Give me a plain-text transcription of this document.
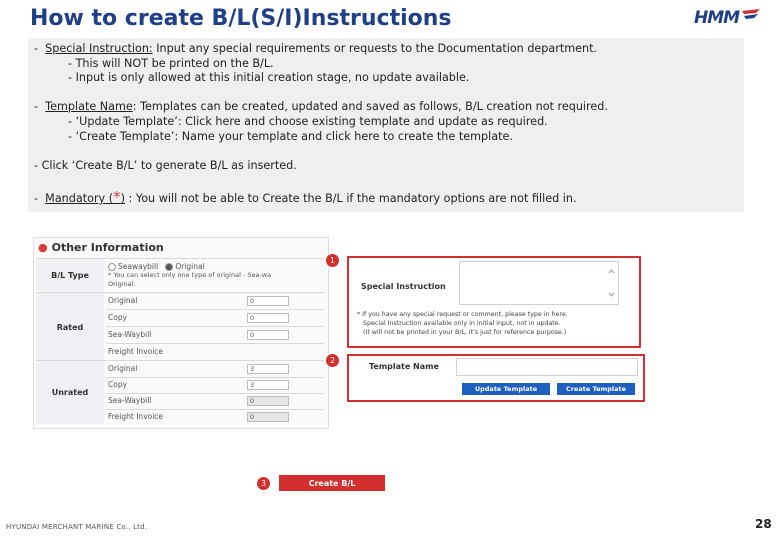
How to create B/L(S/I)Instructions	HMM
- Special Instruction: Input any special requirements or requests to the Documentation department.
- This will NOT be printed on the B/L.
- Input is only allowed at this initial creation stage, no update available.
- Template Name: Templates can be created, updated and saved as follows, B/L creation not required.
- ‘Update Template’: Click here and choose existing template and update as required.
- ‘Create Template’: Name your template and click here to create the template.
- Click ‘Create B/L’ to generate B/L as inserted.
- Mandatory (*) : You will not be able to Create the B/L if the mandatory options are not filled in.
● Other Information
B/L Type
Seawaybill Original
* You can select only one type of original - Sea-wa
Original.
Rated
Original	0
Copy	0
Sea-Waybill	0
Freight Invoice
Unrated
Original	3
Copy	3
Sea-Waybill	0
Freight Invoice	0
1
Special Instruction
* If you have any special request or comment, please type in here.
Special Instruction available only in initial input, not in update.
(It will not be printed in your B/L, it's just for reference purpose.)
2
Template Name
Update Template	Create Template
3	Create B/L
HYUNDAI MERCHANT MARINE Co., Ltd.	28
